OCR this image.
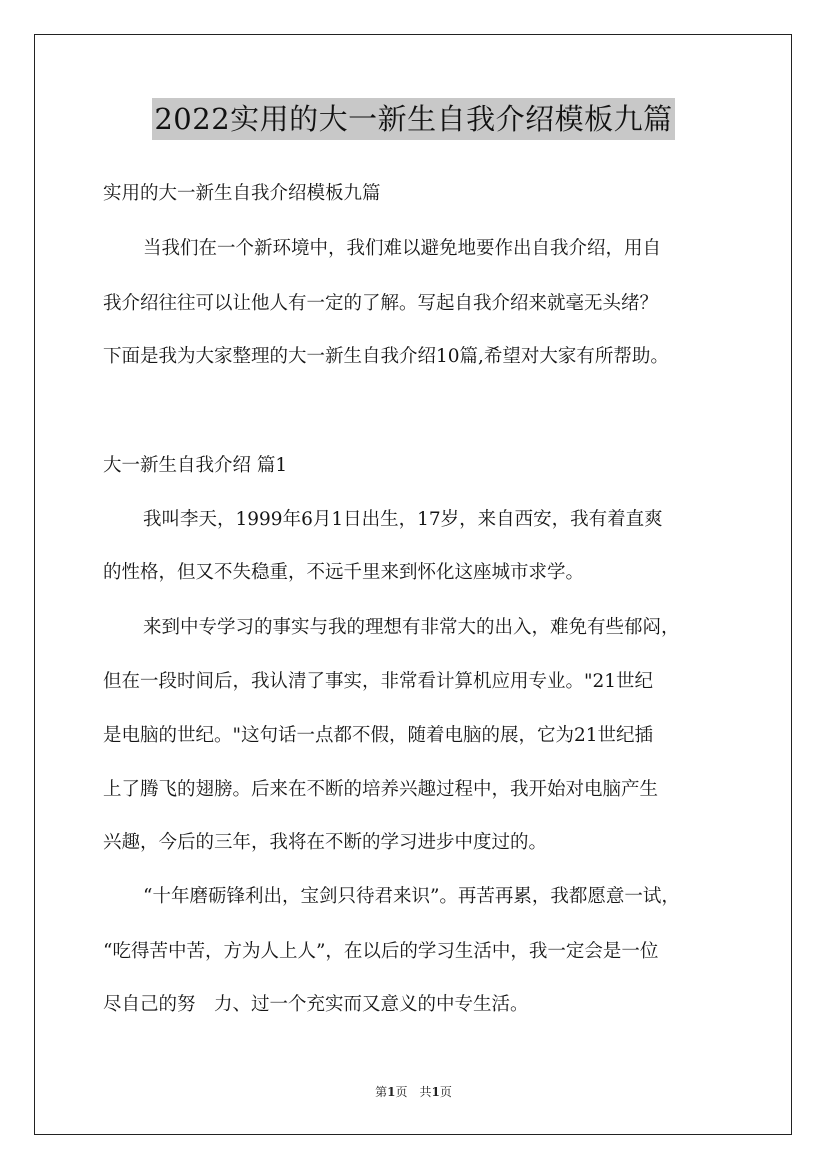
2022实用的大一新生自我介绍模板九篇
实用的大一新生自我介绍模板九篇
当我们在一个新环境中，我们难以避免地要作出自我介绍，用自
我介绍往往可以让他人有一定的了解。写起自我介绍来就毫无头绪？
下面是我为大家整理的大一新生自我介绍10篇,希望对大家有所帮助。
大一新生自我介绍 篇1
我叫李天，1999年6月1日出生，17岁，来自西安，我有着直爽
的性格，但又不失稳重，不远千里来到怀化这座城市求学。
来到中专学习的事实与我的理想有非常大的出入，难免有些郁闷，
但在一段时间后，我认清了事实，非常看计算机应用专业。"21世纪
是电脑的世纪。"这句话一点都不假，随着电脑的展，它为21世纪插
上了腾飞的翅膀。后来在不断的培养兴趣过程中，我开始对电脑产生
兴趣，今后的三年，我将在不断的学习进步中度过的。
“十年磨砺锋利出，宝剑只待君来识”。再苦再累，我都愿意一试，
“吃得苦中苦，方为人上人”，在以后的学习生活中，我一定会是一位
尽自己的努　力、过一个充实而又意义的中专生活。
第1页　共1页
